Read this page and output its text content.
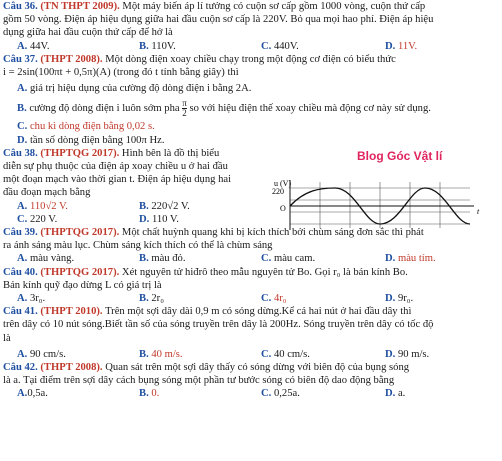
Câu 36. (TN THPT 2009). Một máy biến áp lí tưởng có cuộn sơ cấp gồm 1000 vòng, cuộn thứ cấp
gồm 50 vòng. Điện áp hiệu dụng giữa hai đầu cuộn sơ cấp là 220V. Bỏ qua mọi hao phí. Điện áp hiệu
dụng giữa hai đầu cuộn thứ cấp để hở là
A. 44V.	B. 110V.	C. 440V.	D. 11V.
Câu 37. (THPT 2008). Một dòng điện xoay chiều chạy trong một động cơ điện có biểu thức
i = 2sin(100πt + 0,5π)(A) (trong đó t tính bằng giây) thì
A. giá trị hiệu dụng của cường độ dòng điện i bằng 2A.
B. cường độ dòng điện i luôn sớm pha $\frac{\pi}{2}$ so với hiệu điện thế xoay chiều mà động cơ này sử dụng.
C. chu kì dòng điện bằng 0,02 s.
D. tần số dòng điện bằng 100π Hz.
Câu 38. (THPTQG 2017). Hình bên là đồ thị biểu
diễn sự phụ thuộc của điện áp xoay chiều u ở hai đầu
một đoạn mạch vào thời gian t. Điện áp hiệu dụng hai
đầu đoạn mạch bằng
A. 110√2 V.	B. 220√2 V.
C. 220 V.	D. 110 V.
Câu 39. (THPTQG 2017). Một chất huỳnh quang khi bị kích thích bởi chùm sáng đơn sắc thì phát
ra ánh sáng màu lục. Chùm sáng kích thích có thể là chùm sáng
A. màu vàng.	B. màu đỏ.	C. màu cam.	D. màu tím.
Câu 40. (THPTQG 2017). Xét nguyên tử hiđrô theo mẫu nguyên tử Bo. Gọi r₀ là bán kính Bo.
Bán kính quỹ đạo dừng L có giá trị là
A. 3r₀.	B. 2r₀	C. 4r₀	D. 9r₀.
Câu 41. (THPT 2010). Trên một sợi dây dài 0,9 m có sóng dừng.Kể cả hai nút ở hai đầu dây thì
trên dây có 10 nút sóng.Biết tần số của sóng truyền trên dây là 200Hz. Sóng truyền trên dây có tốc độ
là
A. 90 cm/s.	B. 40 m/s.	C. 40 cm/s.	D. 90 m/s.
Câu 42. (THPT 2008). Quan sát trên một sợi dây thấy có sóng dừng với biên độ của bụng sóng
là a. Tại điểm trên sợi dây cách bụng sóng một phần tư bước sóng có biên độ dao động bằng
A.0,5a.	B. 0.	C. 0,25a.	D. a.
Blog Góc Vật lí
u (V)
220
O	t
